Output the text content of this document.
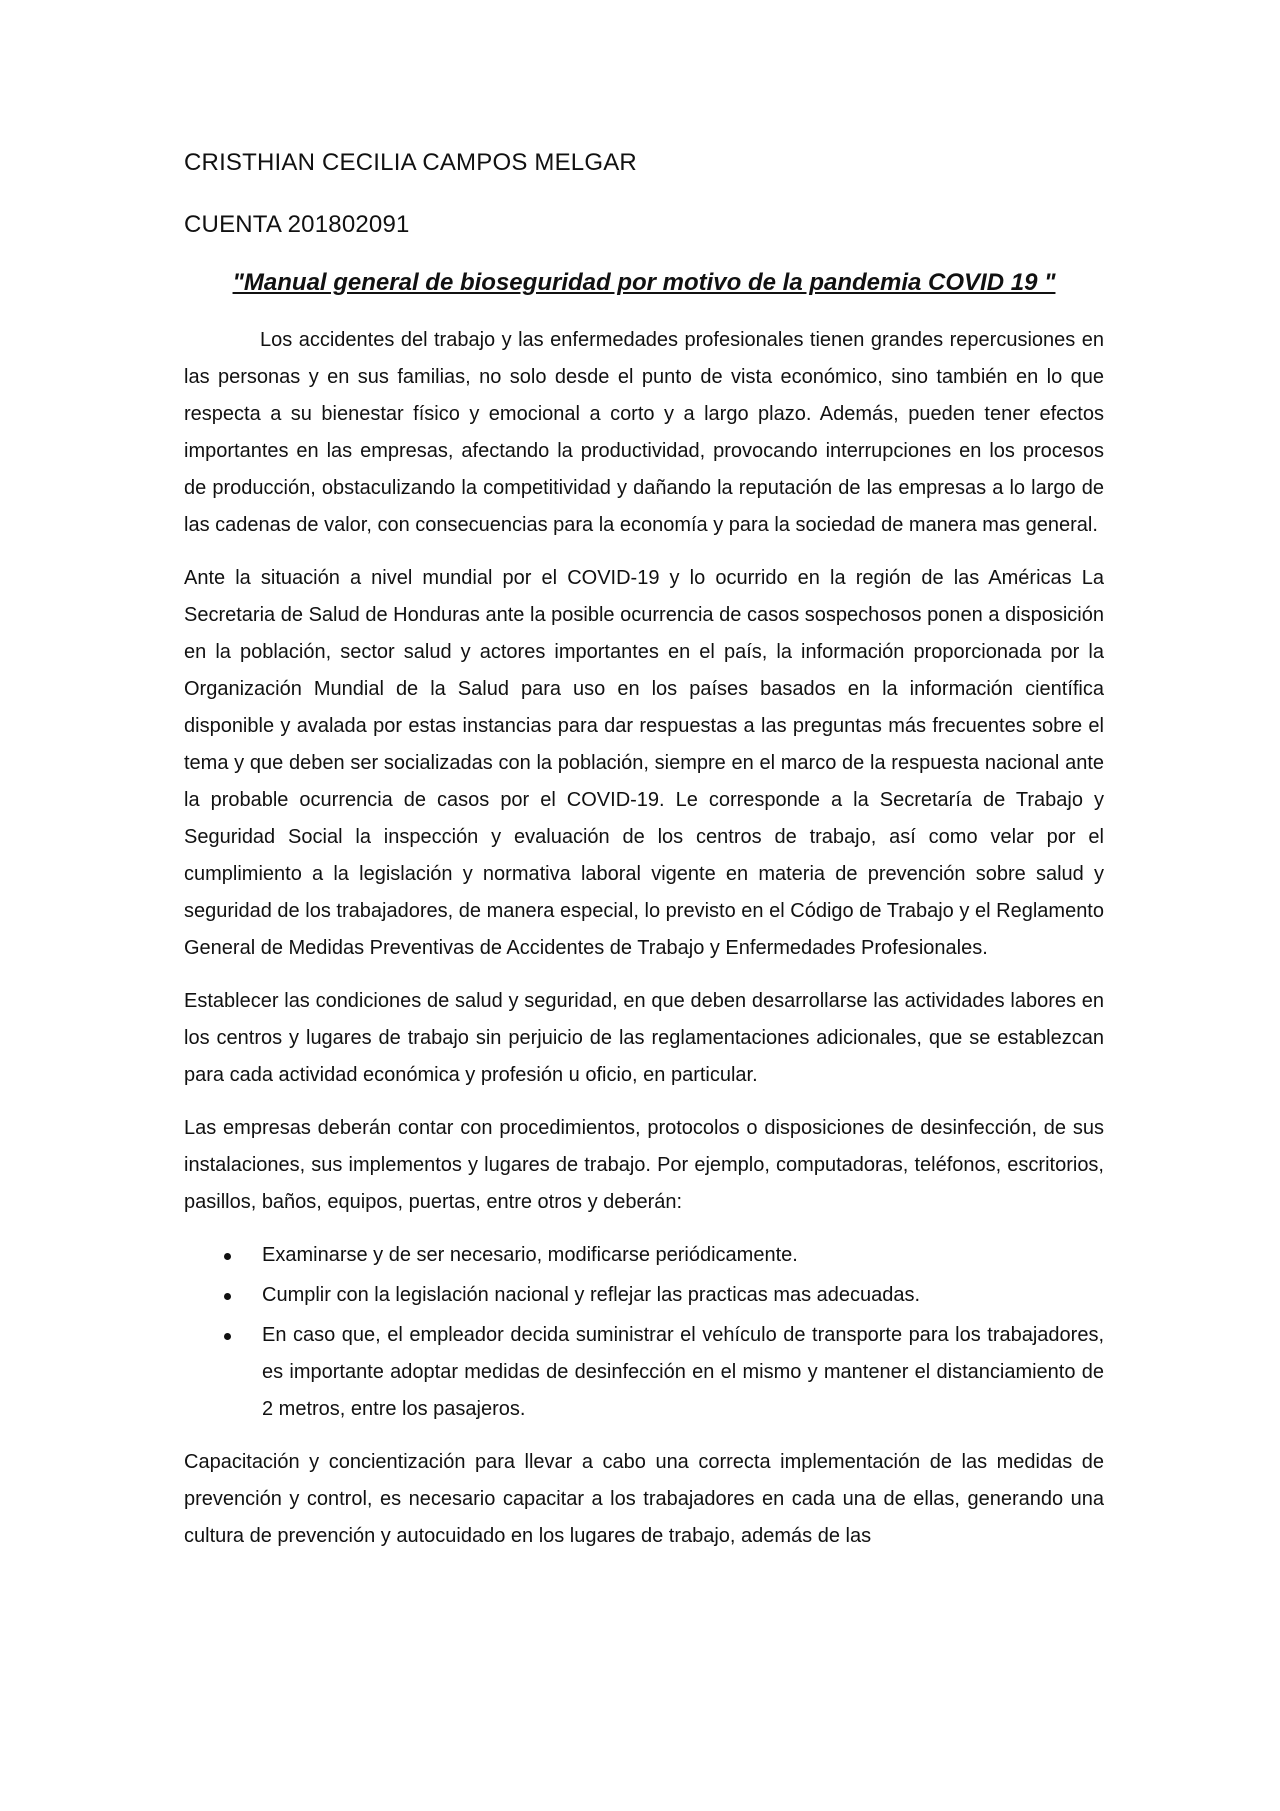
CRISTHIAN CECILIA CAMPOS MELGAR
CUENTA 201802091
"Manual general de bioseguridad por motivo de la pandemia COVID 19 "

Los accidentes del trabajo y las enfermedades profesionales tienen grandes repercusiones en las personas y en sus familias, no solo desde el punto de vista económico, sino también en lo que respecta a su bienestar físico y emocional a corto y a largo plazo. Además, pueden tener efectos importantes en las empresas, afectando la productividad, provocando interrupciones en los procesos de producción, obstaculizando la competitividad y dañando la reputación de las empresas a lo largo de las cadenas de valor, con consecuencias para la economía y para la sociedad de manera mas general.

Ante la situación a nivel mundial por el COVID-19 y lo ocurrido en la región de las Américas La Secretaria de Salud de Honduras ante la posible ocurrencia de casos sospechosos ponen a disposición en la población, sector salud y actores importantes en el país, la información proporcionada por la Organización Mundial de la Salud para uso en los países basados en la información científica disponible y avalada por estas instancias para dar respuestas a las preguntas más frecuentes sobre el tema y que deben ser socializadas con la población, siempre en el marco de la respuesta nacional ante la probable ocurrencia de casos por el COVID-19. Le corresponde a la Secretaría de Trabajo y Seguridad Social la inspección y evaluación de los centros de trabajo, así como velar por el cumplimiento a la legislación y normativa laboral vigente en materia de prevención sobre salud y seguridad de los trabajadores, de manera especial, lo previsto en el Código de Trabajo y el Reglamento General de Medidas Preventivas de Accidentes de Trabajo y Enfermedades Profesionales.

Establecer las condiciones de salud y seguridad, en que deben desarrollarse las actividades labores en los centros y lugares de trabajo sin perjuicio de las reglamentaciones adicionales, que se establezcan para cada actividad económica y profesión u oficio, en particular.

Las empresas deberán contar con procedimientos, protocolos o disposiciones de desinfección, de sus instalaciones, sus implementos y lugares de trabajo. Por ejemplo, computadoras, teléfonos, escritorios, pasillos, baños, equipos, puertas, entre otros y deberán:

Examinarse y de ser necesario, modificarse periódicamente.
Cumplir con la legislación nacional y reflejar las practicas mas adecuadas.
En caso que, el empleador decida suministrar el vehículo de transporte para los trabajadores, es importante adoptar medidas de desinfección en el mismo y mantener el distanciamiento de 2 metros, entre los pasajeros.

Capacitación y concientización para llevar a cabo una correcta implementación de las medidas de prevención y control, es necesario capacitar a los trabajadores en cada una de ellas, generando una cultura de prevención y autocuidado en los lugares de trabajo, además de las
